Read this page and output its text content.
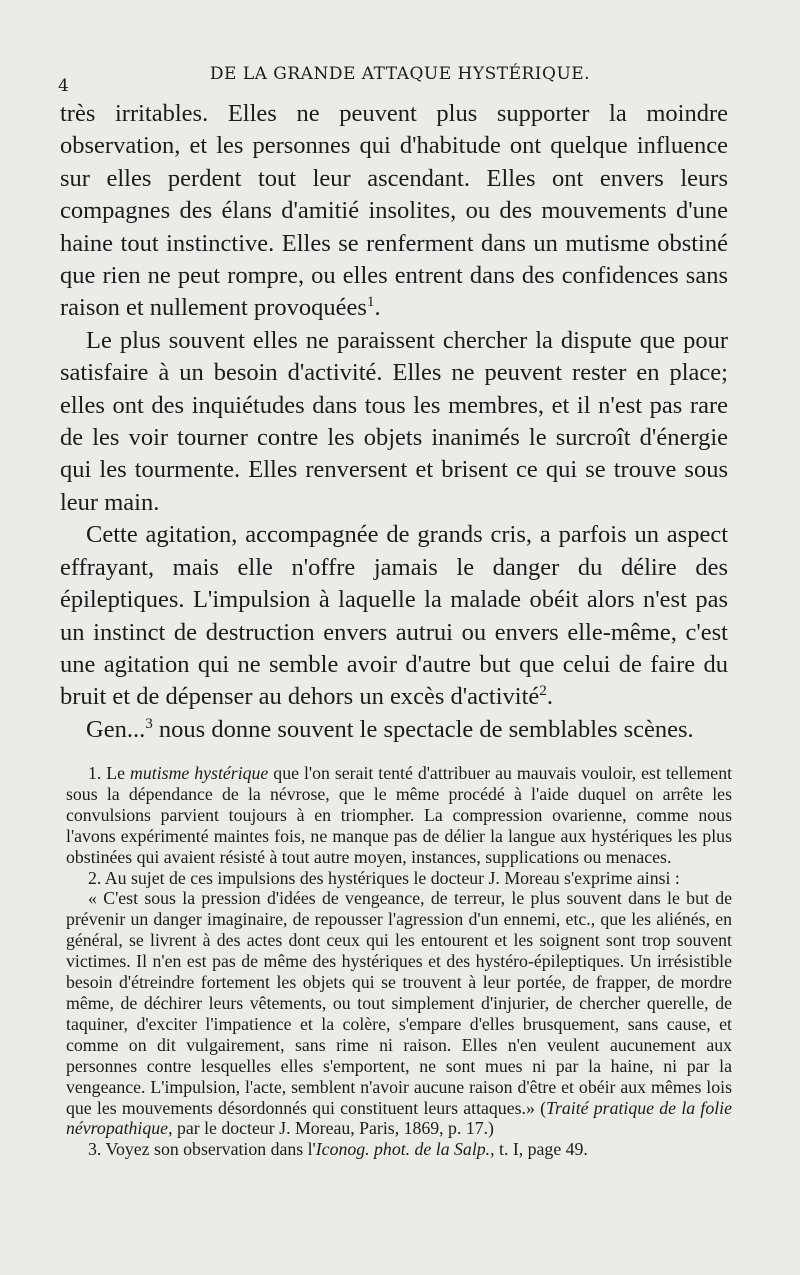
4
DE LA GRANDE ATTAQUE HYSTÉRIQUE.

très irritables. Elles ne peuvent plus supporter la moindre observation, et les personnes qui d'habitude ont quelque influence sur elles perdent tout leur ascendant. Elles ont envers leurs compagnes des élans d'amitié insolites, ou des mouvements d'une haine tout instinctive. Elles se renferment dans un mutisme obstiné que rien ne peut rompre, ou elles entrent dans des confidences sans raison et nullement provoquées$^1$.

Le plus souvent elles ne paraissent chercher la dispute que pour satisfaire à un besoin d'activité. Elles ne peuvent rester en place; elles ont des inquiétudes dans tous les membres, et il n'est pas rare de les voir tourner contre les objets inanimés le surcroît d'énergie qui les tourmente. Elles renversent et brisent ce qui se trouve sous leur main.

Cette agitation, accompagnée de grands cris, a parfois un aspect effrayant, mais elle n'offre jamais le danger du délire des épileptiques. L'impulsion à laquelle la malade obéit alors n'est pas un instinct de destruction envers autrui ou envers elle-même, c'est une agitation qui ne semble avoir d'autre but que celui de faire du bruit et de dépenser au dehors un excès d'activité$^2$.

Gen...$^3$ nous donne souvent le spectacle de semblables scènes.

1. Le mutisme hystérique que l'on serait tenté d'attribuer au mauvais vouloir, est tellement sous la dépendance de la névrose, que le même procédé à l'aide duquel on arrête les convulsions parvient toujours à en triompher. La compression ovarienne, comme nous l'avons expérimenté maintes fois, ne manque pas de délier la langue aux hystériques les plus obstinées qui avaient résisté à tout autre moyen, instances, supplications ou menaces.

2. Au sujet de ces impulsions des hystériques le docteur J. Moreau s'exprime ainsi :

« C'est sous la pression d'idées de vengeance, de terreur, le plus souvent dans le but de prévenir un danger imaginaire, de repousser l'agression d'un ennemi, etc., que les aliénés, en général, se livrent à des actes dont ceux qui les entourent et les soignent sont trop souvent victimes. Il n'en est pas de même des hystériques et des hystéro-épileptiques. Un irrésistible besoin d'étreindre fortement les objets qui se trouvent à leur portée, de frapper, de mordre même, de déchirer leurs vêtements, ou tout simplement d'injurier, de chercher querelle, de taquiner, d'exciter l'impatience et la colère, s'empare d'elles brusquement, sans cause, et comme on dit vulgairement, sans rime ni raison. Elles n'en veulent aucunement aux personnes contre lesquelles elles s'emportent, ne sont mues ni par la haine, ni par la vengeance. L'impulsion, l'acte, semblent n'avoir aucune raison d'être et obéir aux mêmes lois que les mouvements désordonnés qui constituent leurs attaques.» (Traité pratique de la folie névropathique, par le docteur J. Moreau, Paris, 1869, p. 17.)

3. Voyez son observation dans l'Iconog. phot. de la Salp., t. I, page 49.
